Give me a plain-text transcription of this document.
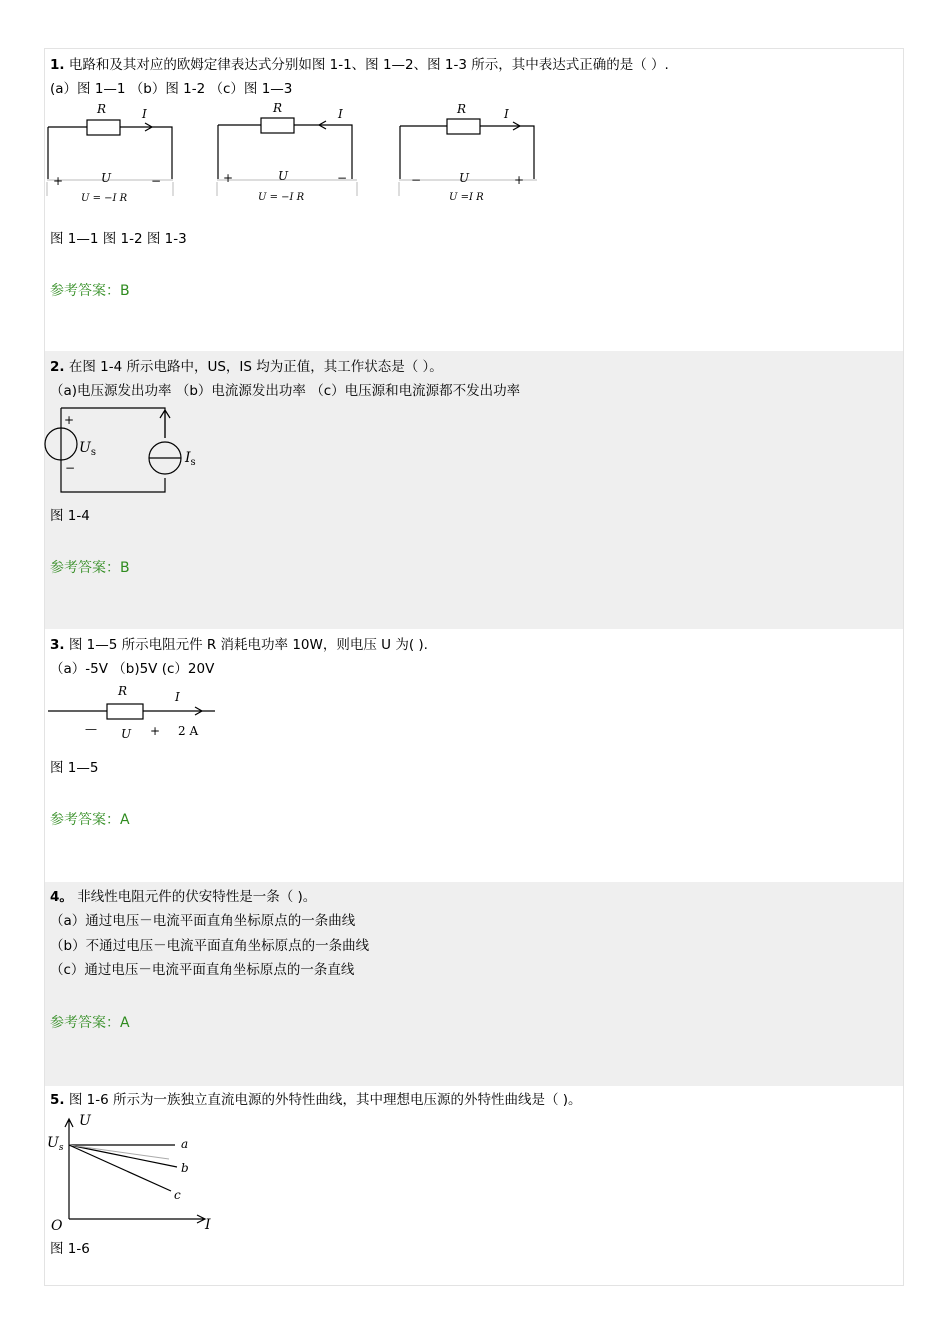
1. 电路和及其对应的欧姆定律表达式分别如图 1-1、图 1—2、图 1-3 所示，其中表达式正确的是（ ）.
(a）图 1—1 （b）图 1-2 （c）图 1—3
R	I
+	U	−
U = −I R
R	I
+	U	−
U = −I R
R	I
−	U	+
U =I R
图 1—1 图 1-2 图 1-3
参考答案：B
2. 在图 1-4 所示电路中，US，IS 均为正值，其工作状态是（ ）。
（a)电压源发出功率 （b）电流源发出功率 （c）电压源和电流源都不发出功率
+
−
$U_s$	$I_s$
图 1-4
参考答案：B
3. 图 1—5 所示电阻元件 R 消耗电功率 10W，则电压 U 为( ).
（a）-5V （b)5V (c）20V
R	I
— U + 2 A
图 1—5
参考答案：A
4。 非线性电阻元件的伏安特性是一条（ )。
（a）通过电压－电流平面直角坐标原点的一条曲线
（b）不通过电压－电流平面直角坐标原点的一条曲线
（c）通过电压－电流平面直角坐标原点的一条直线
参考答案：A
5. 图 1-6 所示为一族独立直流电源的外特性曲线，其中理想电压源的外特性曲线是（ )。
U
I
O
$U_s$	a
b
c
图 1-6
